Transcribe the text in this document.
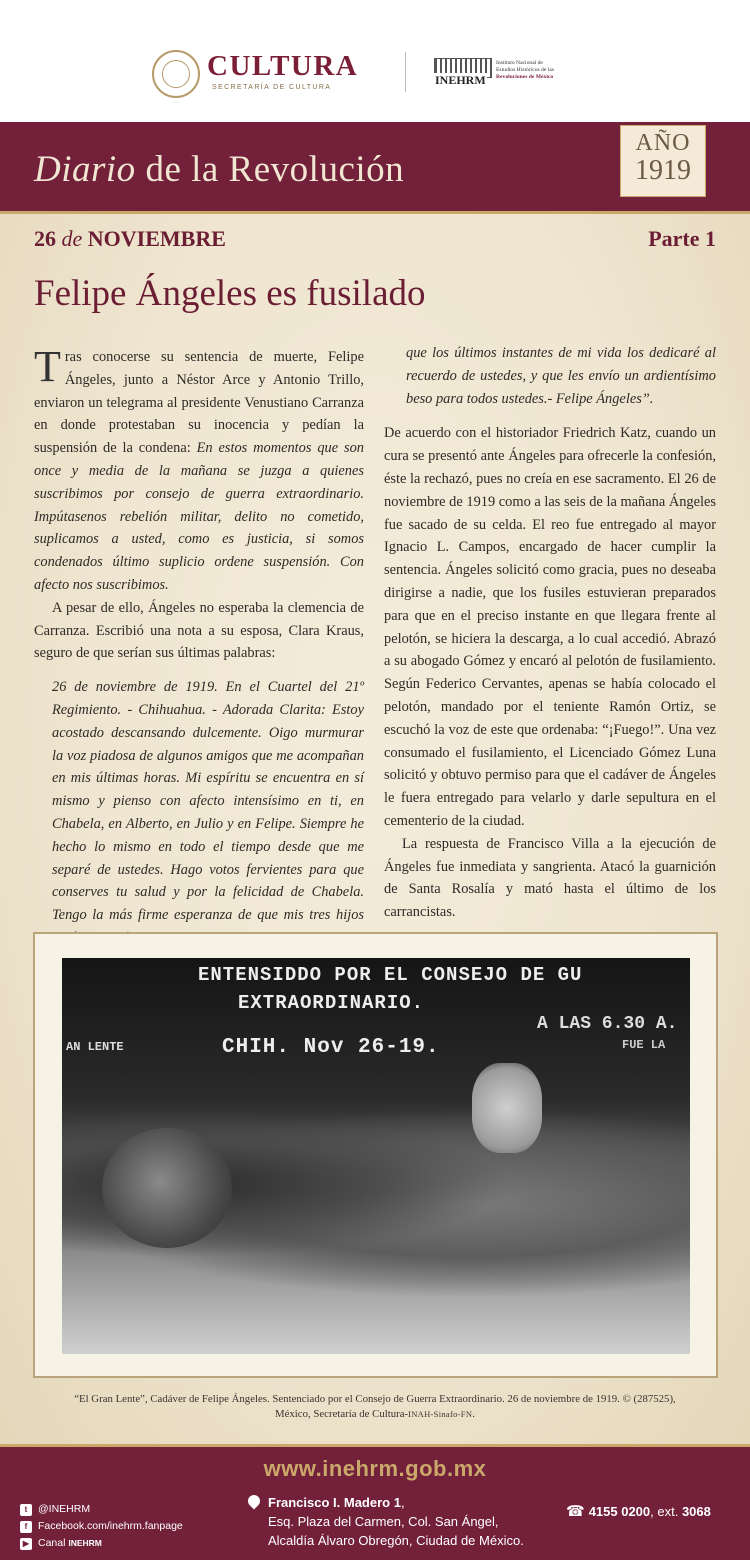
CULTURA
SECRETARÍA DE CULTURA
INEHRM
Instituto Nacional de
Estudios Históricos de las
Revoluciones de México
Diario de la Revolución
AÑO
1919
26 de NOVIEMBRE	Parte 1
Felipe Ángeles es fusilado

Tras conocerse su sentencia de muerte, Felipe Ángeles, junto a Néstor Arce y Antonio Trillo, enviaron un telegrama al presidente Venustiano Carranza en donde protestaban su inocencia y pedían la suspensión de la condena: En estos momentos que son once y media de la mañana se juzga a quienes suscribimos por consejo de guerra extraordinario. Impútasenos rebelión militar, delito no cometido, suplicamos a usted, como es justicia, si somos condenados último suplicio ordene suspensión. Con afecto nos suscribimos.

A pesar de ello, Ángeles no esperaba la clemencia de Carranza. Escribió una nota a su esposa, Clara Kraus, seguro de que serían sus últimas palabras:

26 de noviembre de 1919. En el Cuartel del 21º Regimiento. - Chihuahua. - Adorada Clarita: Estoy acostado descansando dulcemente. Oigo murmurar la voz piadosa de algunos amigos que me acompañan en mis últimas horas. Mi espíritu se encuentra en sí mismo y pienso con afecto intensísimo en ti, en Chabela, en Alberto, en Julio y en Felipe. Siempre he hecho lo mismo en todo el tiempo desde que me separé de ustedes. Hago votos fervientes para que conserves tu salud y por la felicidad de Chabela. Tengo la más firme esperanza de que mis tres hijos

que los últimos instantes de mi vida los dedicaré al recuerdo de ustedes, y que les envío un ardientísimo beso para todos ustedes.- Felipe Ángeles”.

De acuerdo con el historiador Friedrich Katz, cuando un cura se presentó ante Ángeles para ofrecerle la confesión, éste la rechazó, pues no creía en ese sacramento. El 26 de noviembre de 1919 como a las seis de la mañana Ángeles fue sacado de su celda. El reo fue entregado al mayor Ignacio L. Campos, encargado de hacer cumplir la sentencia. Ángeles solicitó como gracia, pues no deseaba dirigirse a nadie, que los fusiles estuvieran preparados para que en el preciso instante en que llegara frente al pelotón, se hiciera la descarga, a lo cual accedió. Abrazó a su abogado Gómez y encaró al pelotón de fusilamiento. Según Federico Cervantes, apenas se había colocado el pelotón, mandado por el teniente Ramón Ortiz, se escuchó la voz de este que ordenaba: “¡Fuego!”. Una vez consumado el fusilamiento, el Licenciado Gómez Luna solicitó y obtuvo permiso para que el cadáver de Ángeles le fuera entregado para velarlo y darle sepultura en el cementerio de la ciudad.

La respuesta de Francisco Villa a la ejecución de Ángeles fue inmediata y sangrienta. Atacó la guarnición de Santa Rosalía y mató hasta el último de los carrancistas.

ENTENSIDDO POR EL CONSEJO DE GU
EXTRAORDINARIO.
AN LENTE	CHIH. Nov 26-19.
A LAS 6.30 A.
FUE LA
“El Gran Lente”, Cadáver de Felipe Ángeles. Sentenciado por el Consejo de Guerra Extraordinario. 26 de noviembre de 1919. © (287525),
México, Secretaría de Cultura-INAH-Sinafo-FN.
www.inehrm.gob.mx
t	@INEHRM
f	Facebook.com/inehrm.fanpage
▶ Canal INEHRM
Francisco I. Madero 1,
Esq. Plaza del Carmen, Col. San Ángel,
Alcaldía Álvaro Obregón, Ciudad de México.
☎ 4155 0200, ext. 3068
